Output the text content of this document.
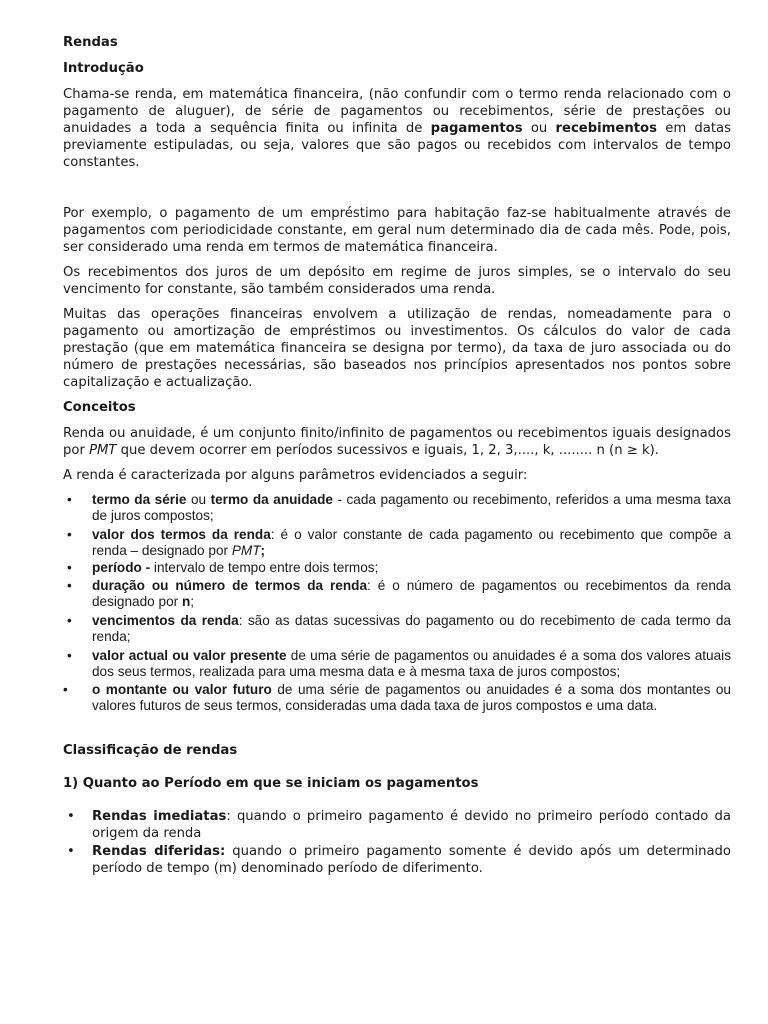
Rendas

Introdução

Chama-se renda, em matemática financeira, (não confundir com o termo renda relacionado com o pagamento de aluguer), de série de pagamentos ou recebimentos, série de prestações ou anuidades a toda a sequência finita ou infinita de pagamentos ou recebimentos em datas previamente estipuladas, ou seja, valores que são pagos ou recebidos com intervalos de tempo constantes.

Por exemplo, o pagamento de um empréstimo para habitação faz-se habitualmente através de pagamentos com periodicidade constante, em geral num determinado dia de cada mês. Pode, pois, ser considerado uma renda em termos de matemática financeira.

Os recebimentos dos juros de um depósito em regime de juros simples, se o intervalo do seu vencimento for constante, são também considerados uma renda.

Muitas das operações financeiras envolvem a utilização de rendas, nomeadamente para o pagamento ou amortização de empréstimos ou investimentos. Os cálculos do valor de cada prestação (que em matemática financeira se designa por termo), da taxa de juro associada ou do número de prestações necessárias, são baseados nos princípios apresentados nos pontos sobre capitalização e actualização.

Conceitos

Renda ou anuidade, é um conjunto finito/infinito de pagamentos ou recebimentos iguais designados por PMT que devem ocorrer em períodos sucessivos e iguais, 1, 2, 3,...., k, ........ n (n ≥ k).

A renda é caracterizada por alguns parâmetros evidenciados a seguir:

• termo da série ou termo da anuidade - cada pagamento ou recebimento, referidos a uma mesma taxa de juros compostos;
• valor dos termos da renda: é o valor constante de cada pagamento ou recebimento que compõe a renda – designado por PMT;
• período - intervalo de tempo entre dois termos;
• duração ou número de termos da renda: é o número de pagamentos ou recebimentos da renda designado por n;
• vencimentos da renda: são as datas sucessivas do pagamento ou do recebimento de cada termo da renda;
• valor actual ou valor presente de uma série de pagamentos ou anuidades é a soma dos valores atuais dos seus termos, realizada para uma mesma data e à mesma taxa de juros compostos;
• o montante ou valor futuro de uma série de pagamentos ou anuidades é a soma dos montantes ou valores futuros de seus termos, consideradas uma dada taxa de juros compostos e uma data.

Classificação de rendas

1) Quanto ao Período em que se iniciam os pagamentos

• Rendas imediatas: quando o primeiro pagamento é devido no primeiro período contado da origem da renda
• Rendas diferidas: quando o primeiro pagamento somente é devido após um determinado período de tempo (m) denominado período de diferimento.
